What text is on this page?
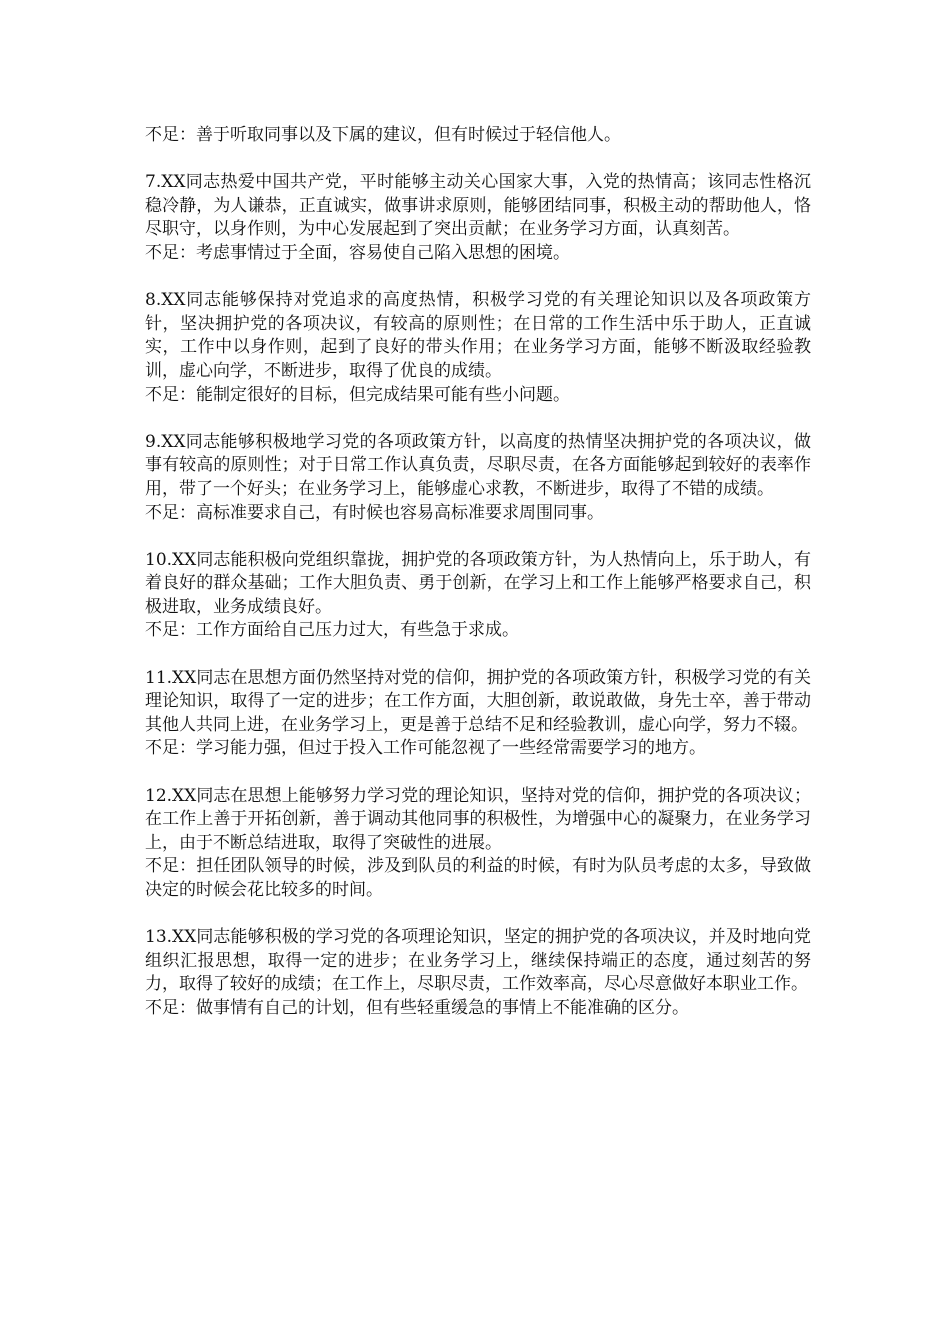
不足：善于听取同事以及下属的建议，但有时候过于轻信他人。

7.XX同志热爱中国共产党，平时能够主动关心国家大事，入党的热情高；该同志性格沉稳冷静，为人谦恭，正直诚实，做事讲求原则，能够团结同事，积极主动的帮助他人，恪尽职守，以身作则，为中心发展起到了突出贡献；在业务学习方面，认真刻苦。

不足：考虑事情过于全面，容易使自己陷入思想的困境。

8.XX同志能够保持对党追求的高度热情，积极学习党的有关理论知识以及各项政策方针，坚决拥护党的各项决议，有较高的原则性；在日常的工作生活中乐于助人，正直诚实，工作中以身作则，起到了良好的带头作用；在业务学习方面，能够不断汲取经验教训，虚心向学，不断进步，取得了优良的成绩。

不足：能制定很好的目标，但完成结果可能有些小问题。

9.XX同志能够积极地学习党的各项政策方针，以高度的热情坚决拥护党的各项决议，做事有较高的原则性；对于日常工作认真负责，尽职尽责，在各方面能够起到较好的表率作用，带了一个好头；在业务学习上，能够虚心求教，不断进步，取得了不错的成绩。

不足：高标准要求自己，有时候也容易高标准要求周围同事。

10.XX同志能积极向党组织靠拢，拥护党的各项政策方针，为人热情向上，乐于助人，有着良好的群众基础；工作大胆负责、勇于创新，在学习上和工作上能够严格要求自己，积极进取，业务成绩良好。

不足：工作方面给自己压力过大，有些急于求成。

11.XX同志在思想方面仍然坚持对党的信仰，拥护党的各项政策方针，积极学习党的有关理论知识，取得了一定的进步；在工作方面，大胆创新，敢说敢做，身先士卒，善于带动其他人共同上进，在业务学习上，更是善于总结不足和经验教训，虚心向学，努力不辍。

不足：学习能力强，但过于投入工作可能忽视了一些经常需要学习的地方。

12.XX同志在思想上能够努力学习党的理论知识，坚持对党的信仰，拥护党的各项决议；在工作上善于开拓创新，善于调动其他同事的积极性，为增强中心的凝聚力，在业务学习上，由于不断总结进取，取得了突破性的进展。

不足：担任团队领导的时候，涉及到队员的利益的时候，有时为队员考虑的太多，导致做决定的时候会花比较多的时间。

13.XX同志能够积极的学习党的各项理论知识，坚定的拥护党的各项决议，并及时地向党组织汇报思想，取得一定的进步；在业务学习上，继续保持端正的态度，通过刻苦的努力，取得了较好的成绩；在工作上，尽职尽责，工作效率高，尽心尽意做好本职业工作。

不足：做事情有自己的计划，但有些轻重缓急的事情上不能准确的区分。
